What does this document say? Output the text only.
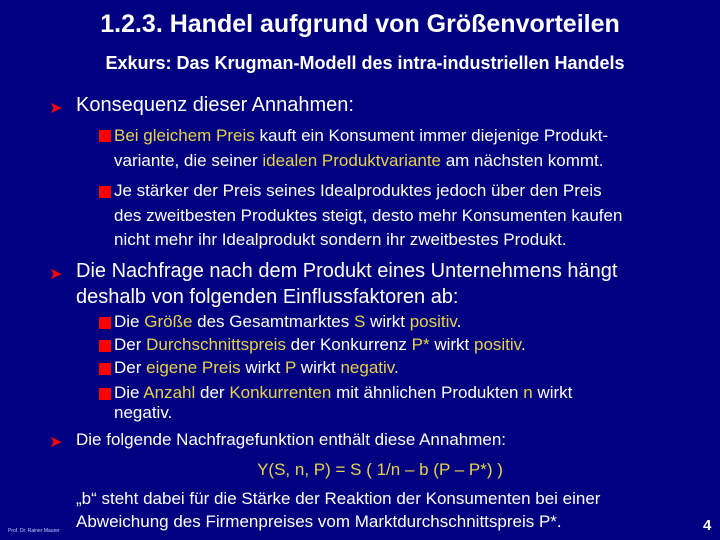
1.2.3. Handel aufgrund von Größenvorteilen
Exkurs: Das Krugman-Modell des intra-industriellen Handels
➤ Konsequenz dieser Annahmen:
Bei gleichem Preis kauft ein Konsument immer diejenige Produkt-
variante, die seiner idealen Produktvariante am nächsten kommt.
Je stärker der Preis seines Idealproduktes jedoch über den Preis
des zweitbesten Produktes steigt, desto mehr Konsumenten kaufen
nicht mehr ihr Idealprodukt sondern ihr zweitbestes Produkt.
➤ Die Nachfrage nach dem Produkt eines Unternehmens hängt
deshalb von folgenden Einflussfaktoren ab:
Die Größe des Gesamtmarktes S wirkt positiv.
Der Durchschnittspreis der Konkurrenz P* wirkt positiv.
Der eigene Preis wirkt P wirkt negativ.
Die Anzahl der Konkurrenten mit ähnlichen Produkten n wirkt
negativ.
➤ Die folgende Nachfragefunktion enthält diese Annahmen:
Y(S, n, P) = S ( 1/n – b (P – P*) )
„b“ steht dabei für die Stärke der Reaktion der Konsumenten bei einer
Abweichung des Firmenpreises vom Marktdurchschnittspreis P*.
Prof. Dr. Rainer Maurer	4
